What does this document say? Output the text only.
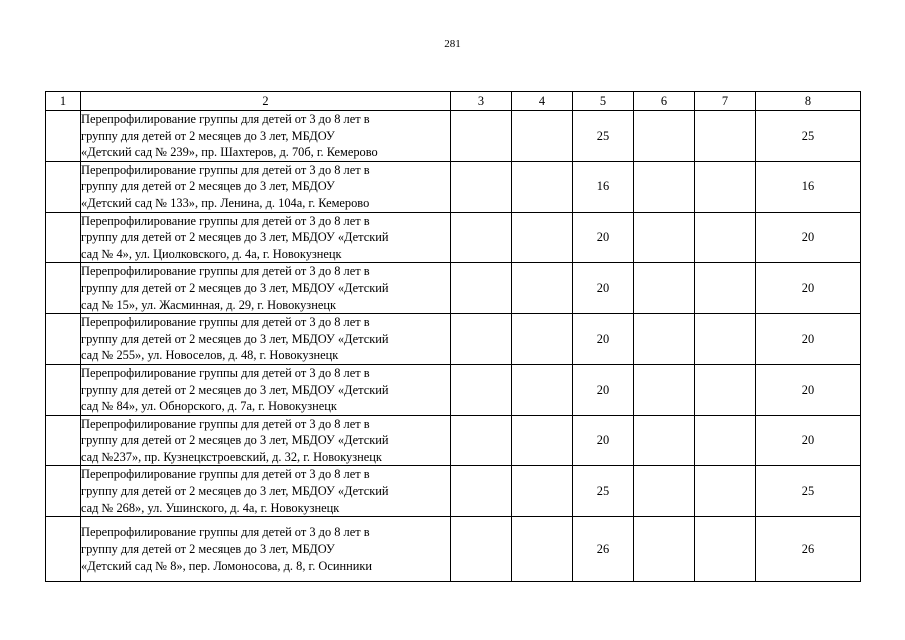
281
1	2	3	4	5	6	7	8

	Перепрофилирование группы для детей от 3 до 8 лет в
группу для детей от 2 месяцев до 3 лет, МБДОУ
«Детский сад № 239», пр. Шахтеров, д. 70б, г. Кемерово			25			25

	Перепрофилирование группы для детей от 3 до 8 лет в
группу для детей от 2 месяцев до 3 лет, МБДОУ
«Детский сад № 133», пр. Ленина, д. 104а, г. Кемерово			16			16

	Перепрофилирование группы для детей от 3 до 8 лет в
группу для детей от 2 месяцев до 3 лет, МБДОУ «Детский
сад № 4», ул. Циолковского, д. 4а, г. Новокузнецк			20			20

	Перепрофилирование группы для детей от 3 до 8 лет в
группу для детей от 2 месяцев до 3 лет, МБДОУ «Детский
сад № 15», ул. Жасминная, д. 29, г. Новокузнецк			20			20

	Перепрофилирование группы для детей от 3 до 8 лет в
группу для детей от 2 месяцев до 3 лет, МБДОУ «Детский
сад № 255», ул. Новоселов, д. 48, г. Новокузнецк			20			20

	Перепрофилирование группы для детей от 3 до 8 лет в
группу для детей от 2 месяцев до 3 лет, МБДОУ «Детский
сад № 84», ул. Обнорского, д. 7а, г. Новокузнецк			20			20

	Перепрофилирование группы для детей от 3 до 8 лет в
группу для детей от 2 месяцев до 3 лет, МБДОУ «Детский
сад №237», пр. Кузнецкстроевский, д. 32, г. Новокузнецк			20			20

	Перепрофилирование группы для детей от 3 до 8 лет в
группу для детей от 2 месяцев до 3 лет, МБДОУ «Детский
сад № 268», ул. Ушинского, д. 4а, г. Новокузнецк			25			25

	Перепрофилирование группы для детей от 3 до 8 лет в
группу для детей от 2 месяцев до 3 лет, МБДОУ
«Детский сад № 8», пер. Ломоносова, д. 8, г. Осинники			26			26
